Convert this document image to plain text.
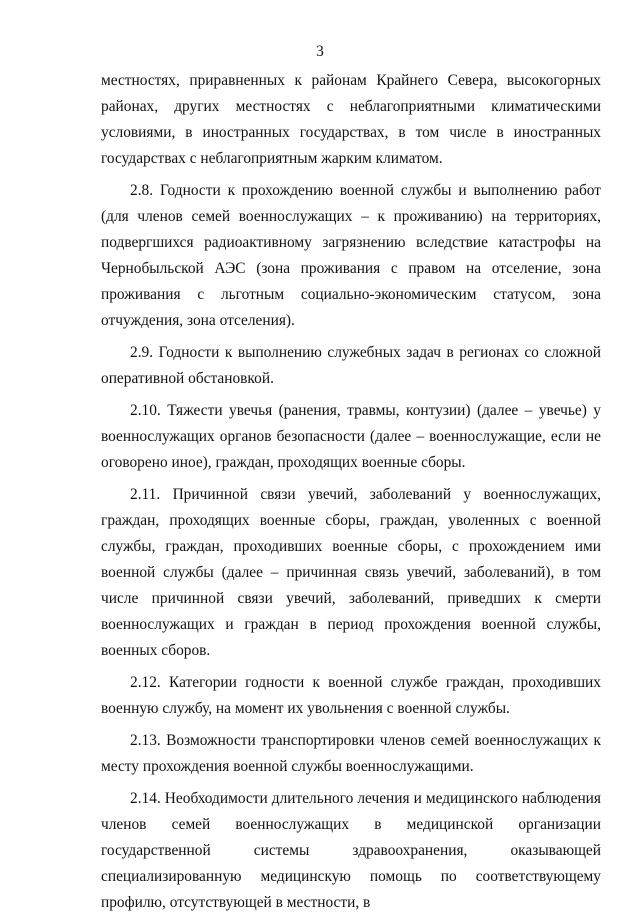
3

местностях, приравненных к районам Крайнего Севера, высокогорных районах, других местностях с неблагоприятными климатическими условиями, в иностранных государствах, в том числе в иностранных государствах с неблагоприятным жарким климатом.

2.8. Годности к прохождению военной службы и выполнению работ (для членов семей военнослужащих – к проживанию) на территориях, подвергшихся радиоактивному загрязнению вследствие катастрофы на Чернобыльской АЭС (зона проживания с правом на отселение, зона проживания с льготным социально-экономическим статусом, зона отчуждения, зона отселения).

2.9. Годности к выполнению служебных задач в регионах со сложной оперативной обстановкой.

2.10. Тяжести увечья (ранения, травмы, контузии) (далее – увечье) у военнослужащих органов безопасности (далее – военнослужащие, если не оговорено иное), граждан, проходящих военные сборы.

2.11. Причинной связи увечий, заболеваний у военнослужащих, граждан, проходящих военные сборы, граждан, уволенных с военной службы, граждан, проходивших военные сборы, с прохождением ими военной службы (далее – причинная связь увечий, заболеваний), в том числе причинной связи увечий, заболеваний, приведших к смерти военнослужащих и граждан в период прохождения военной службы, военных сборов.

2.12. Категории годности к военной службе граждан, проходивших военную службу, на момент их увольнения с военной службы.

2.13. Возможности транспортировки членов семей военнослужащих к месту прохождения военной службы военнослужащими.

2.14. Необходимости длительного лечения и медицинского наблюдения членов семей военнослужащих в медицинской организации государственной системы здравоохранения, оказывающей специализированную медицинскую помощь по соответствующему профилю, отсутствующей в местности, в
